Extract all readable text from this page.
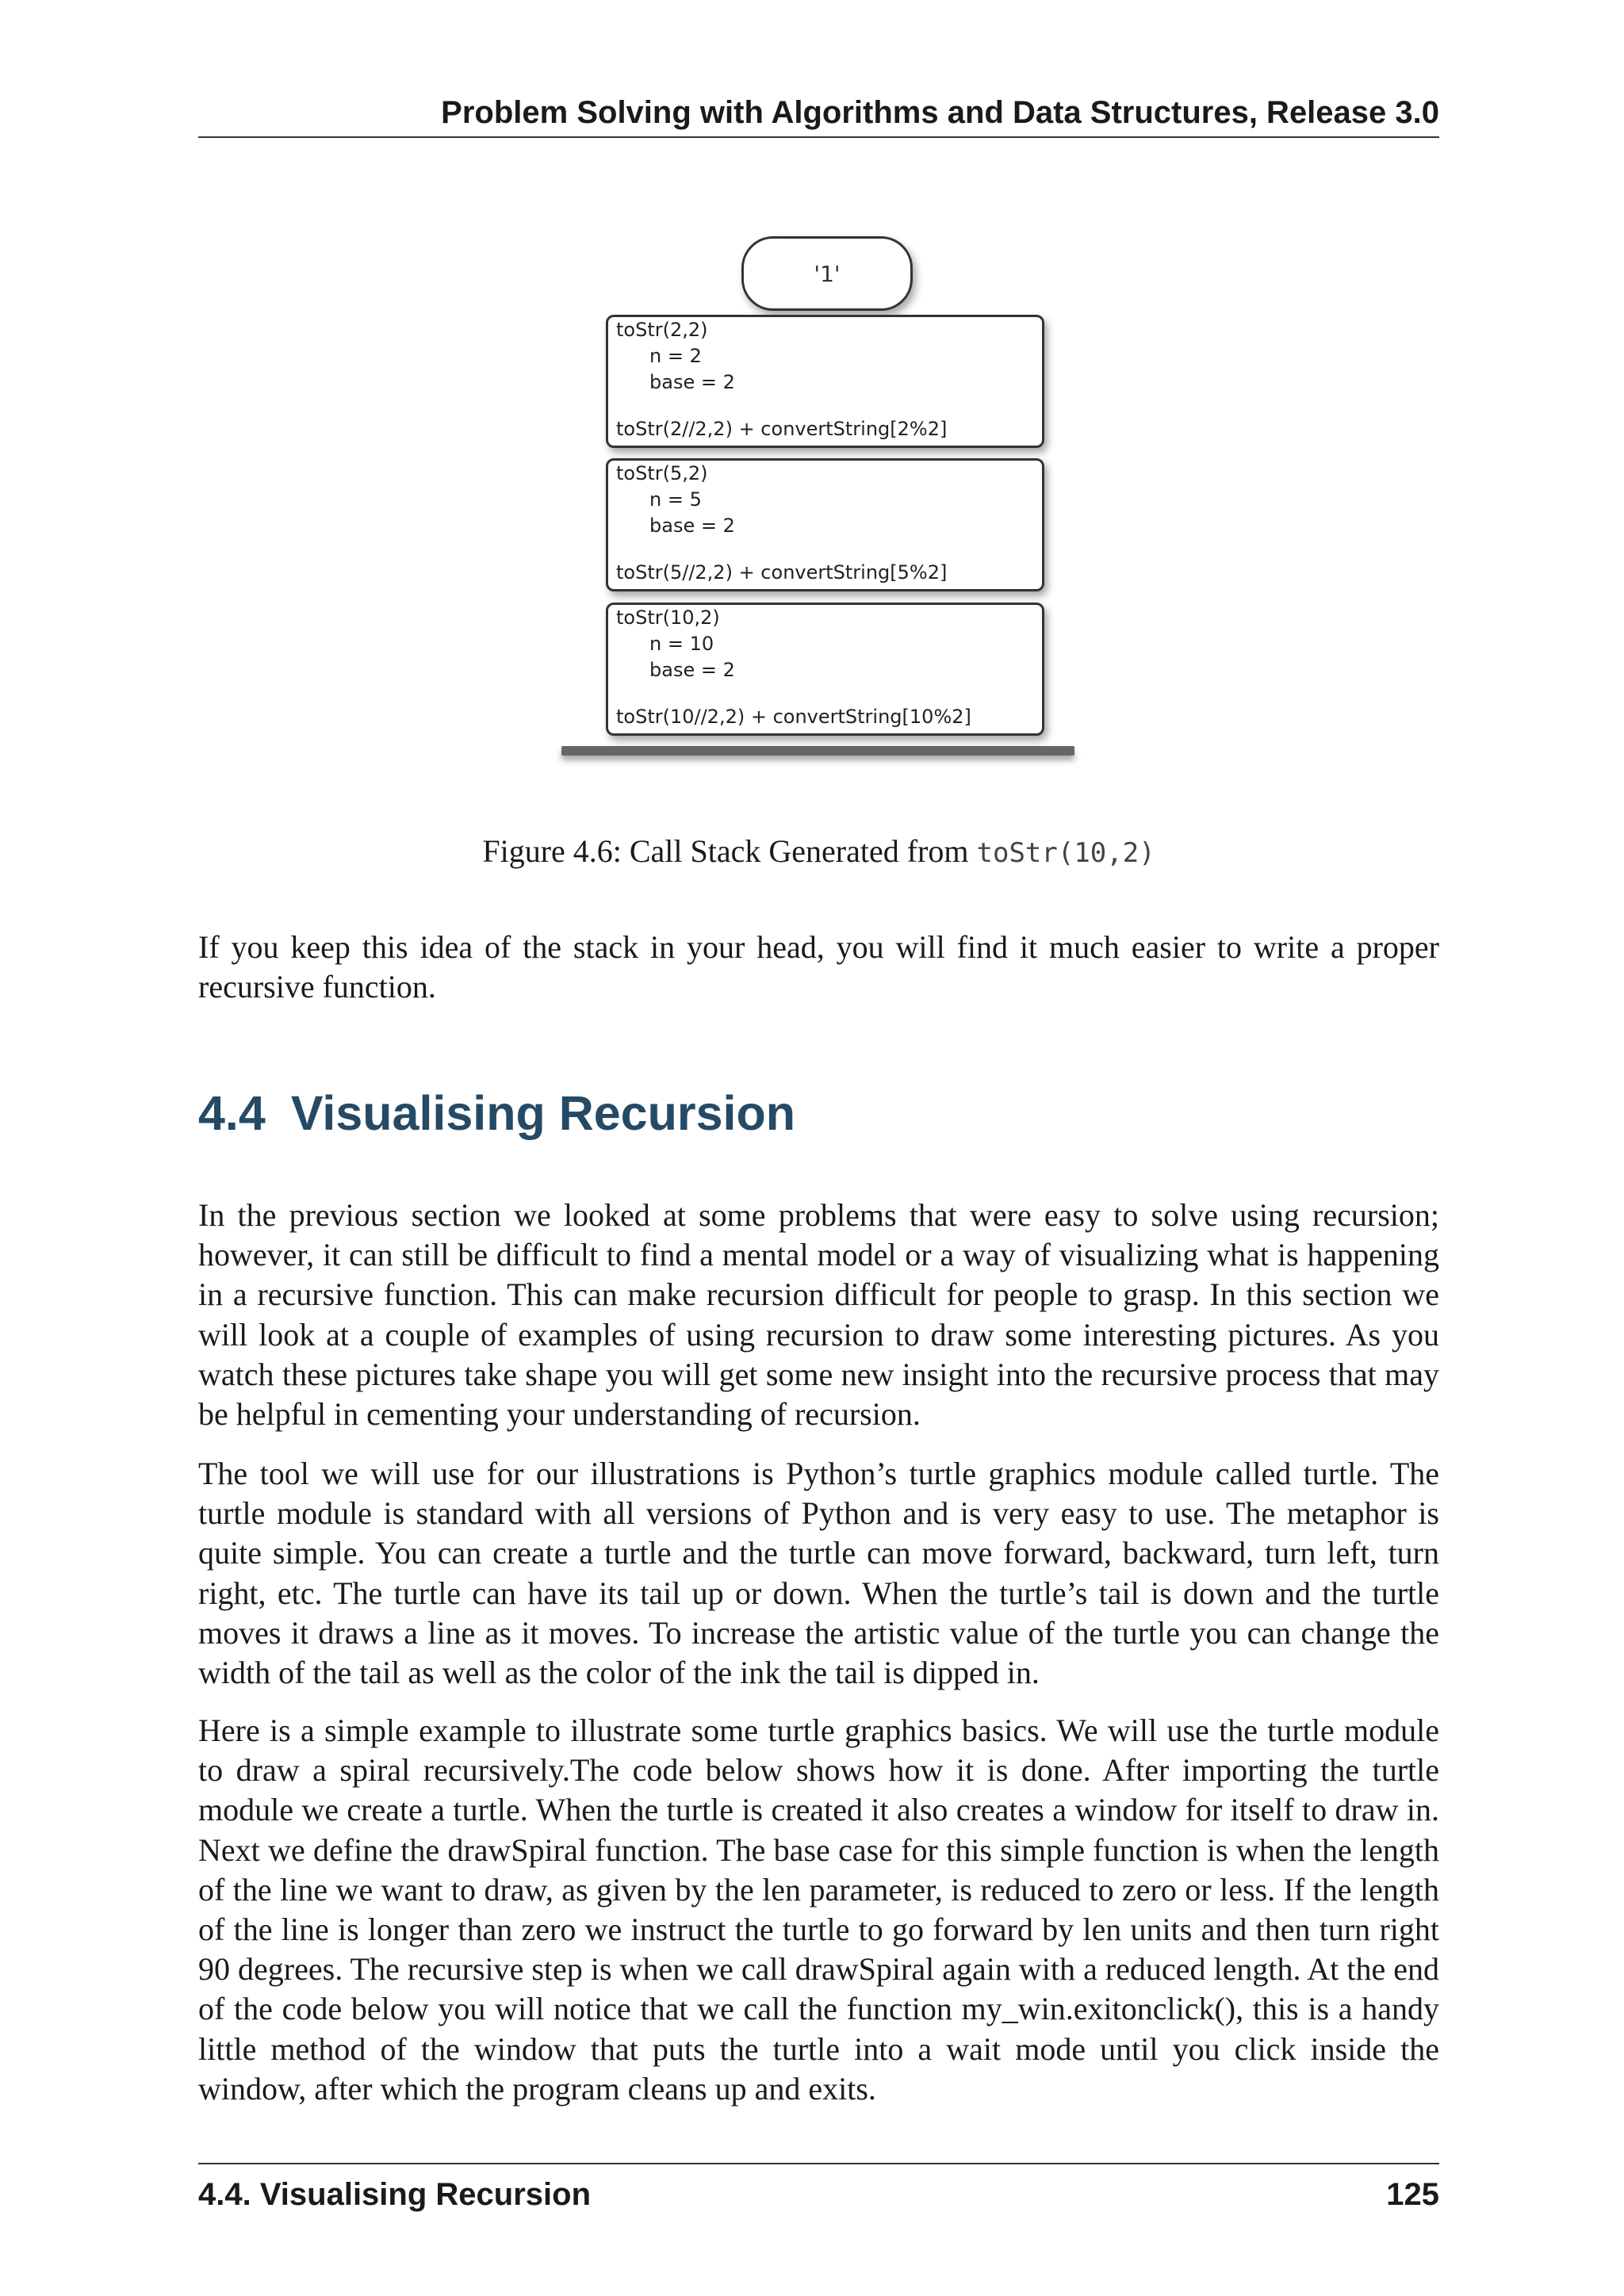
Problem Solving with Algorithms and Data Structures, Release 3.0
'1'
toStr(2,2)
n = 2
base = 2
toStr(2//2,2) + convertString[2%2]
toStr(5,2)
n = 5
base = 2
toStr(5//2,2) + convertString[5%2]
toStr(10,2)
n = 10
base = 2
toStr(10//2,2) + convertString[10%2]
Figure 4.6: Call Stack Generated from toStr(10,2)

If you keep this idea of the stack in your head, you will find it much easier to write a proper recursive function.

4.4 Visualising Recursion

In the previous section we looked at some problems that were easy to solve using recursion; however, it can still be difficult to find a mental model or a way of visualizing what is happening in a recursive function. This can make recursion difficult for people to grasp. In this section we will look at a couple of examples of using recursion to draw some interesting pictures. As you watch these pictures take shape you will get some new insight into the recursive process that may be helpful in cementing your understanding of recursion.

The tool we will use for our illustrations is Python’s turtle graphics module called turtle. The turtle module is standard with all versions of Python and is very easy to use. The metaphor is quite simple. You can create a turtle and the turtle can move forward, backward, turn left, turn right, etc. The turtle can have its tail up or down. When the turtle’s tail is down and the turtle moves it draws a line as it moves. To increase the artistic value of the turtle you can change the width of the tail as well as the color of the ink the tail is dipped in.

Here is a simple example to illustrate some turtle graphics basics. We will use the turtle module to draw a spiral recursively.The code below shows how it is done. After importing the turtle module we create a turtle. When the turtle is created it also creates a window for itself to draw in. Next we define the drawSpiral function. The base case for this simple function is when the length of the line we want to draw, as given by the len parameter, is reduced to zero or less. If the length of the line is longer than zero we instruct the turtle to go forward by len units and then turn right 90 degrees. The recursive step is when we call drawSpiral again with a reduced length. At the end of the code below you will notice that we call the function my_win.exitonclick(), this is a handy little method of the window that puts the turtle into a wait mode until you click inside the window, after which the program cleans up and exits.

4.4. Visualising Recursion	125
